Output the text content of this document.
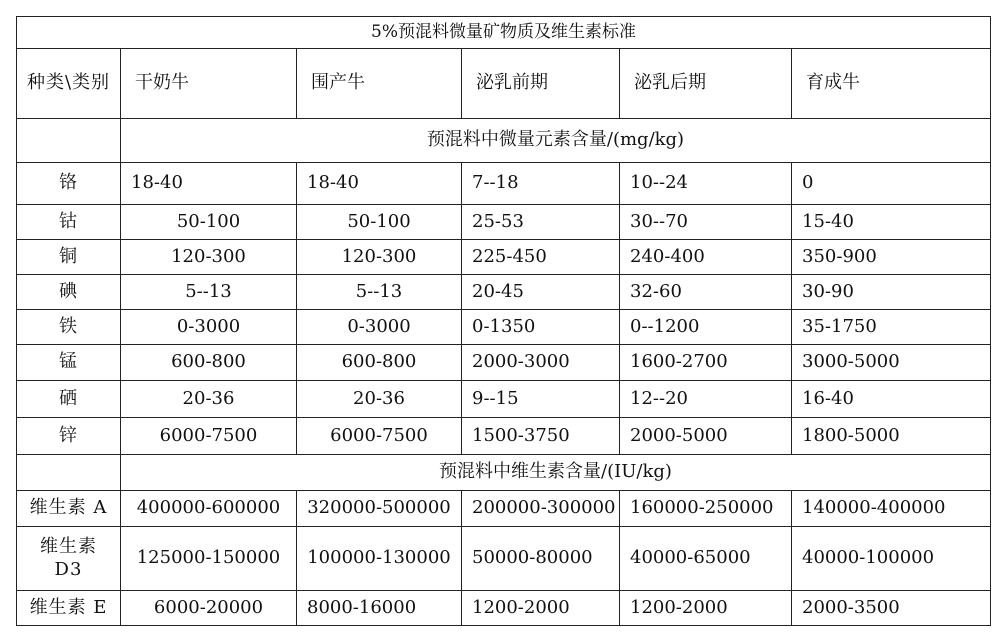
5%预混料微量矿物质及维生素标准					
种类\类别	干奶牛	围产牛	泌乳前期	泌乳后期	育成牛
	预混料中微量元素含量/(mg/kg)				
铬	18-40	18-40	7--18	10--24	0
钴	50-100	50-100	25-53	30--70	15-40
铜	120-300	120-300	225-450	240-400	350-900
碘	5--13	5--13	20-45	32-60	30-90
铁	0-3000	0-3000	0-1350	0--1200	35-1750
锰	600-800	600-800	2000-3000	1600-2700	3000-5000
硒	20-36	20-36	9--15	12--20	16-40
锌	6000-7500	6000-7500	1500-3750	2000-5000	1800-5000
	预混料中维生素含量/(IU/kg)				
维生素 A	400000-600000	320000-500000	200000-300000	160000-250000	140000-400000
维生素 D3	125000-150000	100000-130000	50000-80000	40000-65000	40000-100000
维生素 E	6000-20000	8000-16000	1200-2000	1200-2000	2000-3500
